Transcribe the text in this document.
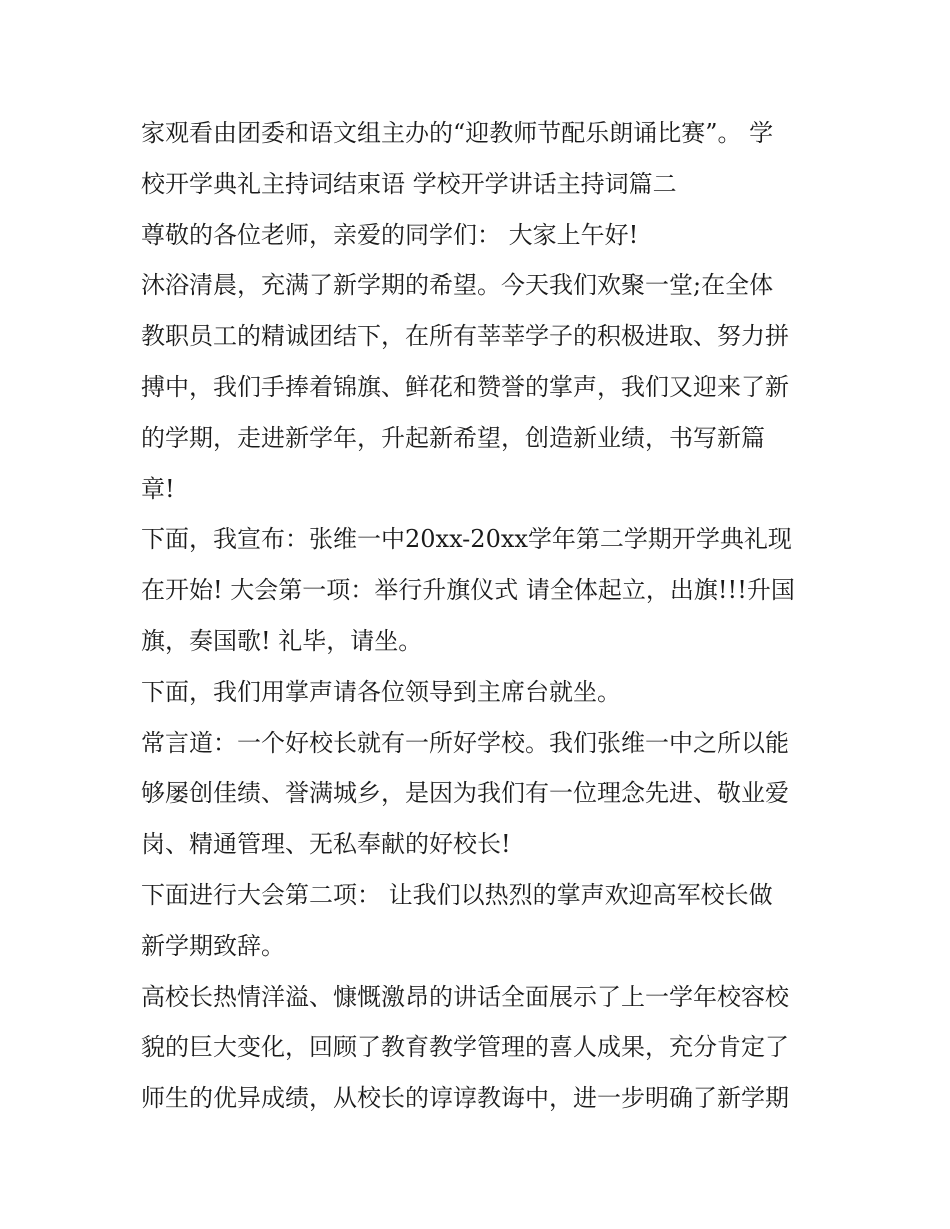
家观看由团委和语文组主办的“迎教师节配乐朗诵比赛”。 学
校开学典礼主持词结束语 学校开学讲话主持词篇二

尊敬的各位老师，亲爱的同学们： 大家上午好!

沐浴清晨，充满了新学期的希望。今天我们欢聚一堂;在全体
教职员工的精诚团结下，在所有莘莘学子的积极进取、努力拼
搏中，我们手捧着锦旗、鲜花和赞誉的掌声，我们又迎来了新
的学期，走进新学年，升起新希望，创造新业绩，书写新篇
章!

下面，我宣布：张维一中20xx-20xx学年第二学期开学典礼现
在开始! 大会第一项：举行升旗仪式 请全体起立，出旗!!!升国
旗，奏国歌! 礼毕，请坐。

下面，我们用掌声请各位领导到主席台就坐。

常言道：一个好校长就有一所好学校。我们张维一中之所以能
够屡创佳绩、誉满城乡，是因为我们有一位理念先进、敬业爱
岗、精通管理、无私奉献的好校长!

下面进行大会第二项： 让我们以热烈的掌声欢迎高军校长做
新学期致辞。

高校长热情洋溢、慷慨激昂的讲话全面展示了上一学年校容校
貌的巨大变化，回顾了教育教学管理的喜人成果，充分肯定了
师生的优异成绩，从校长的谆谆教诲中，进一步明确了新学期
